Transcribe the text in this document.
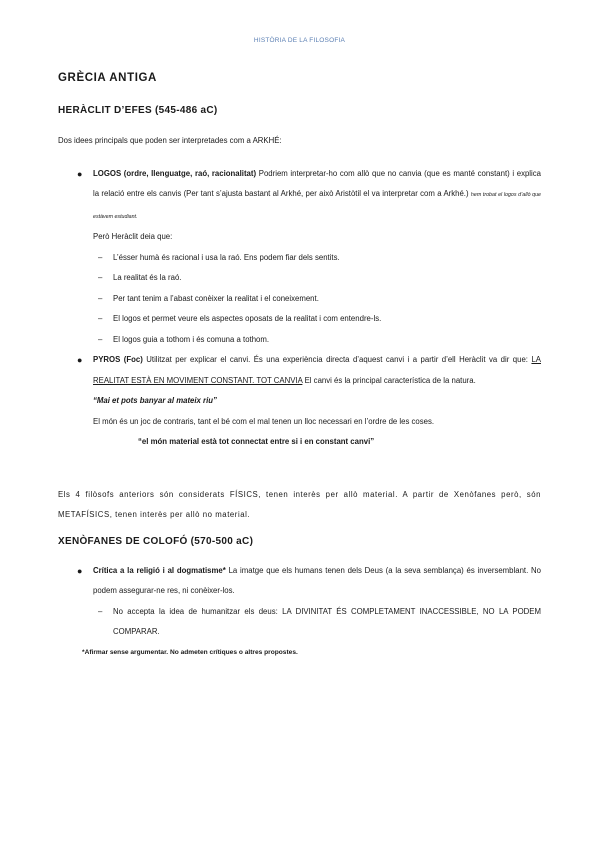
HISTÒRIA DE LA FILOSOFIA
GRÈCIA ANTIGA
HERÀCLIT D’EFES (545-486 aC)

Dos idees principals que poden ser interpretades com a ARKHÉ:

● LOGOS (ordre, llenguatge, raó, racionalitat) Podriem interpretar-ho com allò que no canvia (que es manté constant) i explica la relació entre els canvis (Per tant s’ajusta bastant al Arkhé, per això Aristòtil el va interpretar com a Arkhé.) hem trobat el logos d’allò que estàvem estudiant.

Però Heràclit deia que:

– L’ésser humà és racional i usa la raó. Ens podem fiar dels sentits.
– La realitat és la raó.
– Per tant tenim a l’abast conèixer la realitat i el coneixement.
– El logos et permet veure els aspectes oposats de la realitat i com entendre-ls.
– El logos guia a tothom i és comuna a tothom.
● PYROS (Foc) Utilitzat per explicar el canvi. És una experiència directa d’aquest canvi i a partir d’ell Heràclit va dir que: LA REALITAT ESTÀ EN MOVIMENT CONSTANT. TOT CANVIA El canvi és la principal característica de la natura.

“Mai et pots banyar al mateix riu”

El món és un joc de contraris, tant el bé com el mal tenen un lloc necessari en l’ordre de les coses.

“el món material està tot connectat entre si i en constant canvi”

Els 4 filòsofs anteriors són considerats FÍSICS, tenen interès per allò material. A partir de Xenòfanes però, són METAFÍSICS, tenen interès per allò no material.

XENÒFANES DE COLOFÓ (570-500 aC)
● Crítica a la religió i al dogmatisme* La imatge que els humans tenen dels Deus (a la seva semblança) és inversemblant. No podem assegurar-ne res, ni conèixer-los.

– No accepta la idea de humanitzar els deus: LA DIVINITAT ÉS COMPLETAMENT INACCESSIBLE, NO LA PODEM COMPARAR.

*Afirmar sense argumentar. No admeten crítiques o altres propostes.
